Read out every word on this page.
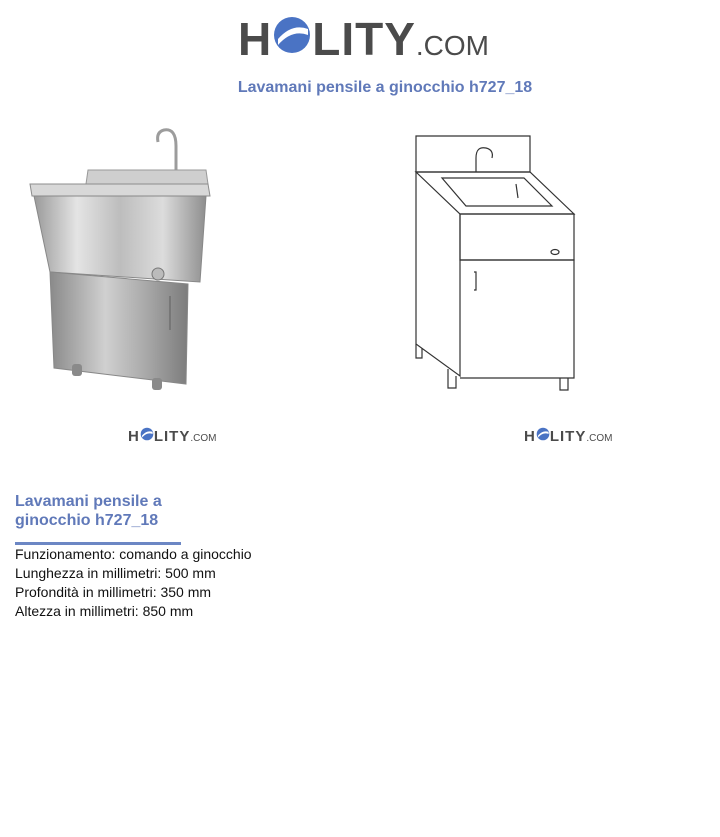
H LITY .COM
Lavamani pensile a ginocchio h727_18
H LITY .COM	H LITY .COM
Lavamani pensile a ginocchio h727_18
Funzionamento: comando a ginocchio
Lunghezza in millimetri: 500 mm
Profondità in millimetri: 350 mm
Altezza in millimetri: 850 mm
